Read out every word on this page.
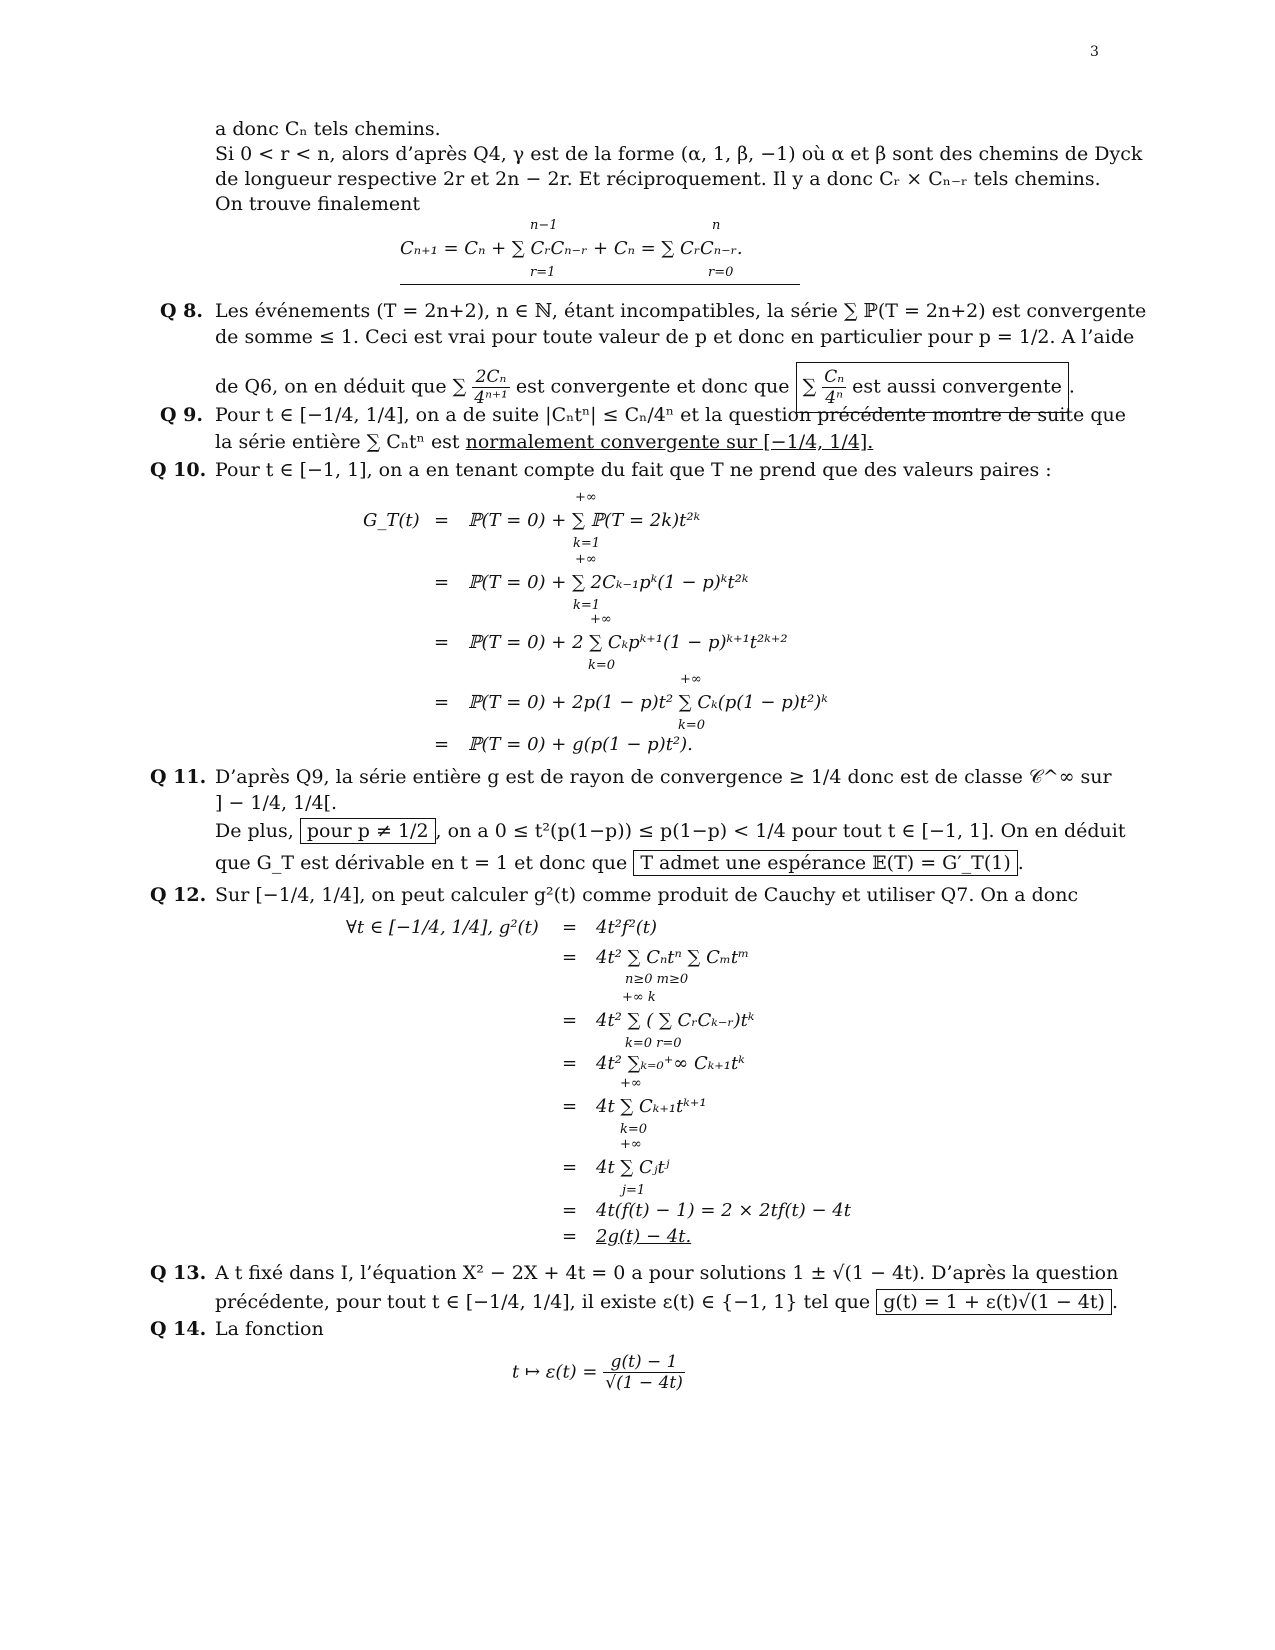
3
a donc Cₙ tels chemins.
Si 0 < r < n, alors d’après Q4, γ est de la forme (α, 1, β, −1) où α et β sont des chemins de Dyck
de longueur respective 2r et 2n − 2r. Et réciproquement. Il y a donc Cᵣ × Cₙ₋ᵣ tels chemins.
On trouve finalement
n−1	n
Cₙ₊₁ = Cₙ + ∑ CᵣCₙ₋ᵣ + Cₙ = ∑ CᵣCₙ₋ᵣ.
r=1	r=0
Q 8. Les événements (T = 2n+2), n ∈ ℕ, étant incompatibles, la série ∑ ℙ(T = 2n+2) est convergente
de somme ≤ 1. Ceci est vrai pour toute valeur de p et donc en particulier pour p = 1/2. A l’aide
de Q6, on en déduit que ∑ $\frac{\text{2Cₙ}}{\text{4ⁿ⁺¹}}$ est convergente et donc que ∑ $\frac{\text{Cₙ}}{\text{4ⁿ}}$ est aussi convergente .
Q 9. Pour t ∈ [−1/4, 1/4], on a de suite |Cₙtⁿ| ≤ Cₙ/4ⁿ et la question précédente montre de suite que
la série entière ∑ Cₙtⁿ est normalement convergente sur [−1/4, 1/4].
Q 10. Pour t ∈ [−1, 1], on a en tenant compte du fait que T ne prend que des valeurs paires :
G_T(t) =
+∞
ℙ(T = 0) + ∑ ℙ(T = 2k)t²ᵏ
k=1
=
+∞
ℙ(T = 0) + ∑ 2Cₖ₋₁pᵏ(1 − p)ᵏt²ᵏ
k=1
=
+∞
ℙ(T = 0) + 2 ∑ Cₖpᵏ⁺¹(1 − p)ᵏ⁺¹t²ᵏ⁺²
k=0
=
+∞
ℙ(T = 0) + 2p(1 − p)t² ∑ Cₖ(p(1 − p)t²)ᵏ
k=0
= ℙ(T = 0) + g(p(1 − p)t²).
Q 11. D’après Q9, la série entière g est de rayon de convergence ≥ 1/4 donc est de classe 𝒞^∞ sur
] − 1/4, 1/4[.
De plus, pour p ≠ 1/2 , on a 0 ≤ t²(p(1−p)) ≤ p(1−p) < 1/4 pour tout t ∈ [−1, 1]. On en déduit
que G_T est dérivable en t = 1 et donc que T admet une espérance 𝔼(T) = G′_T(1) .
Q 12. Sur [−1/4, 1/4], on peut calculer g²(t) comme produit de Cauchy et utiliser Q7. On a donc
∀t ∈ [−1/4, 1/4], g²(t) = 4t²f²(t)
= 4t² ∑ Cₙtⁿ ∑ Cₘtᵐ
n≥0 m≥0
+∞ k
= 4t² ∑ ( ∑ CᵣCₖ₋ᵣ)tᵏ
k=0 r=0
= 4t² ∑ₖ₌₀⁺∞ Cₖ₊₁tᵏ
+∞
= 4t ∑ Cₖ₊₁tᵏ⁺¹
k=0
+∞
= 4t ∑ Cⱼtʲ
j=1
= 4t(f(t) − 1) = 2 × 2tf(t) − 4t
= 2g(t) − 4t.
Q 13. A t fixé dans I, l’équation X² − 2X + 4t = 0 a pour solutions 1 ± √(1 − 4t). D’après la question
précédente, pour tout t ∈ [−1/4, 1/4], il existe ε(t) ∈ {−1, 1} tel que g(t) = 1 + ε(t)√(1 − 4t) .
Q 14. La fonction
t ↦ $\varepsilon(t) = \frac{g(t) - 1}{√(1 - 4t)}$
